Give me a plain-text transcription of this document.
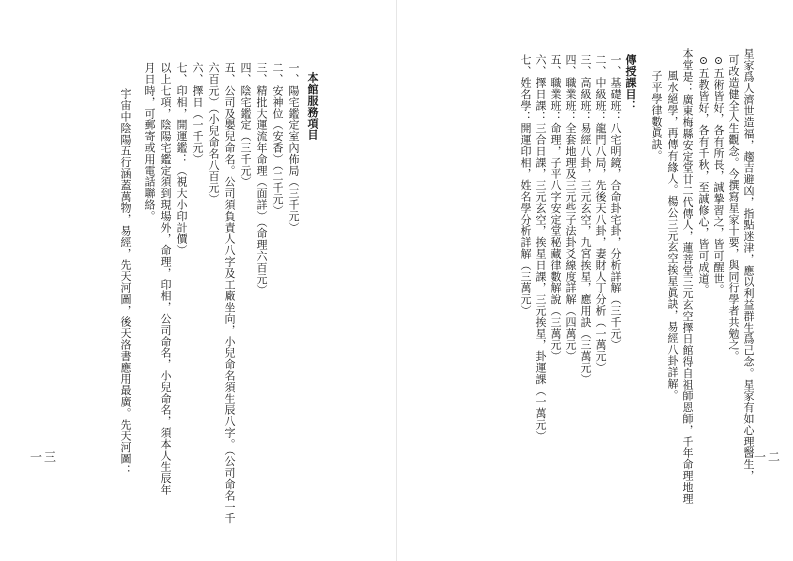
星家爲人濟世造福，趨吉避凶，指點迷津，應以利益群生爲己念。星家有如心理醫生，
可改造健全人生觀念。今撰寫星家十要，與同行學者共勉之。
⊙五術皆好，各有所長，誠摯習之，皆可醒世。
⊙五教皆好，各有千秋，至誠修心，皆可成道。
本堂是：廣東梅縣安定堂廿二代傳人，蓮菩堂三元玄空擇日館得自祖師恩師，千年命理地理
風水絕學，再傳有緣人。楊公三元玄空挨星眞訣，易經八卦詳解。
子平學律數眞訣。
傳授課目：
一、基礎班：八宅明鏡，合命卦宅卦，分析詳解（三千元）
二、中級班：龍門八局，先後天八卦，妻財人丁分析（一萬元）
三、高級班：易經八卦，三元玄空，九宮挨星，應用訣（三萬元）
四、職業班：全套地理及三元些子法卦爻線度詳解（四萬元）
五、職業班：命理，子平八字安定堂秘藏律數解說（三萬元）
六、擇日課：三合日課，三元玄空，挨星日課，三元挨星，卦運課（一萬元）
七、姓名學：開運印相，姓名學分析詳解（三萬元）
一二
本館服務項目
一、陽宅鑑定室內佈局（三千元）
二、安神位（安香）（二千元）
三、精批大運流年命理（面詳）（命理六百元）
四、陰宅鑑定（三千元）
五、公司及嬰兒命名。公司須負責人八字及工廠坐向，小兒命名須生辰八字。（公司命名一千
六百元）（小兒命名八百元）
六、擇日（一千元）
七、印相，開運鑑：（視大小印計價）
以上七項，陰陽宅鑑定須到現場外，命理，印相，公司命名，小兒命名，須本人生辰年
月日時，可郵寄或用電話聯絡。
宇宙中陰陽五行涵蓋萬物，易經，先天河圖，後天洛書應用最廣。先天河圖：
一三
